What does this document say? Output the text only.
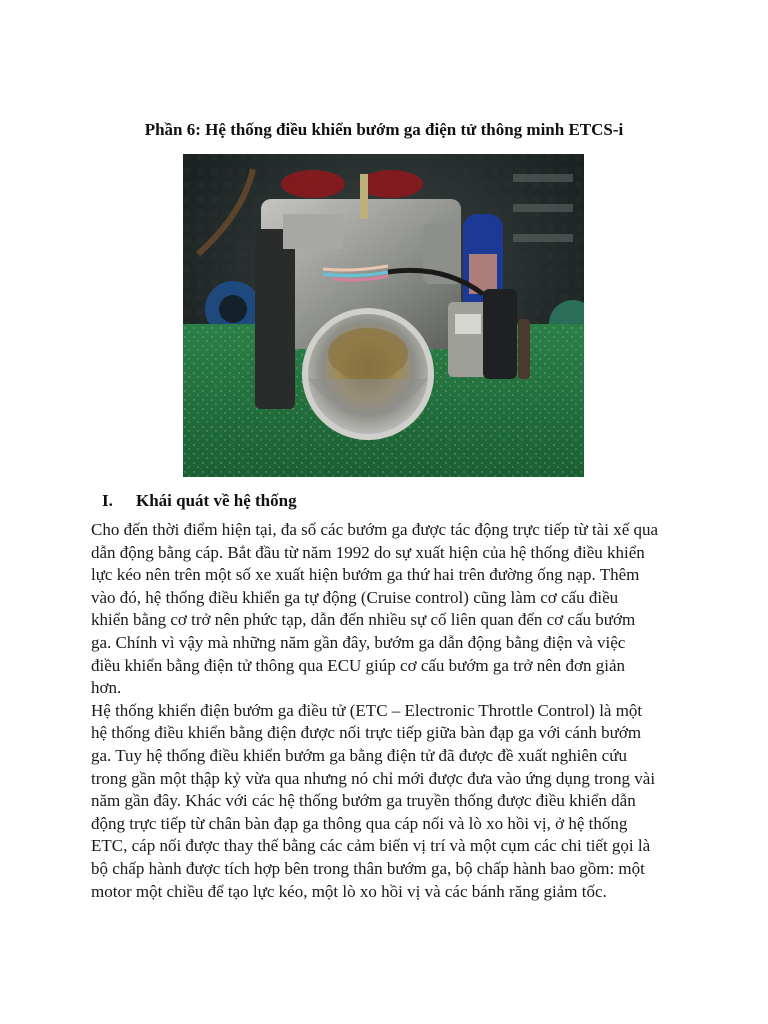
Phần 6: Hệ thống điều khiển bướm ga điện tử thông minh ETCS-i
I.	Khái quát về hệ thống
Cho đến thời điểm hiện tại, đa số các bướm ga được tác động trực tiếp từ tài xế qua
dẫn động bằng cáp. Bắt đầu từ năm 1992 do sự xuất hiện của hệ thống điều khiển
lực kéo nên trên một số xe xuất hiện bướm ga thứ hai trên đường ống nạp. Thêm
vào đó, hệ thống điều khiển ga tự động (Cruise control) cũng làm cơ cấu điều
khiển bằng cơ trở nên phức tạp, dẫn đến nhiều sự cố liên quan đến cơ cấu bướm
ga. Chính vì vậy mà những năm gần đây, bướm ga dẫn động bằng điện và việc
điều khiển bằng điện tử thông qua ECU giúp cơ cấu bướm ga trở nên đơn giản
hơn.
Hệ thống khiển điện bướm ga điều tử (ETC – Electronic Throttle Control) là một
hệ thống điều khiển bằng điện được nối trực tiếp giữa bàn đạp ga với cánh bướm
ga. Tuy hệ thống điều khiển bướm ga bằng điện tử đã được đề xuất nghiên cứu
trong gần một thập kỷ vừa qua nhưng nó chỉ mới được đưa vào ứng dụng trong vài
năm gần đây. Khác với các hệ thống bướm ga truyền thống được điều khiển dẫn
động trực tiếp từ chân bàn đạp ga thông qua cáp nối và lò xo hồi vị, ở hệ thống
ETC, cáp nối được thay thế bằng các cảm biến vị trí và một cụm các chi tiết gọi là
bộ chấp hành được tích hợp bên trong thân bướm ga, bộ chấp hành bao gồm: một
motor một chiều để tạo lực kéo, một lò xo hồi vị và các bánh răng giảm tốc.
